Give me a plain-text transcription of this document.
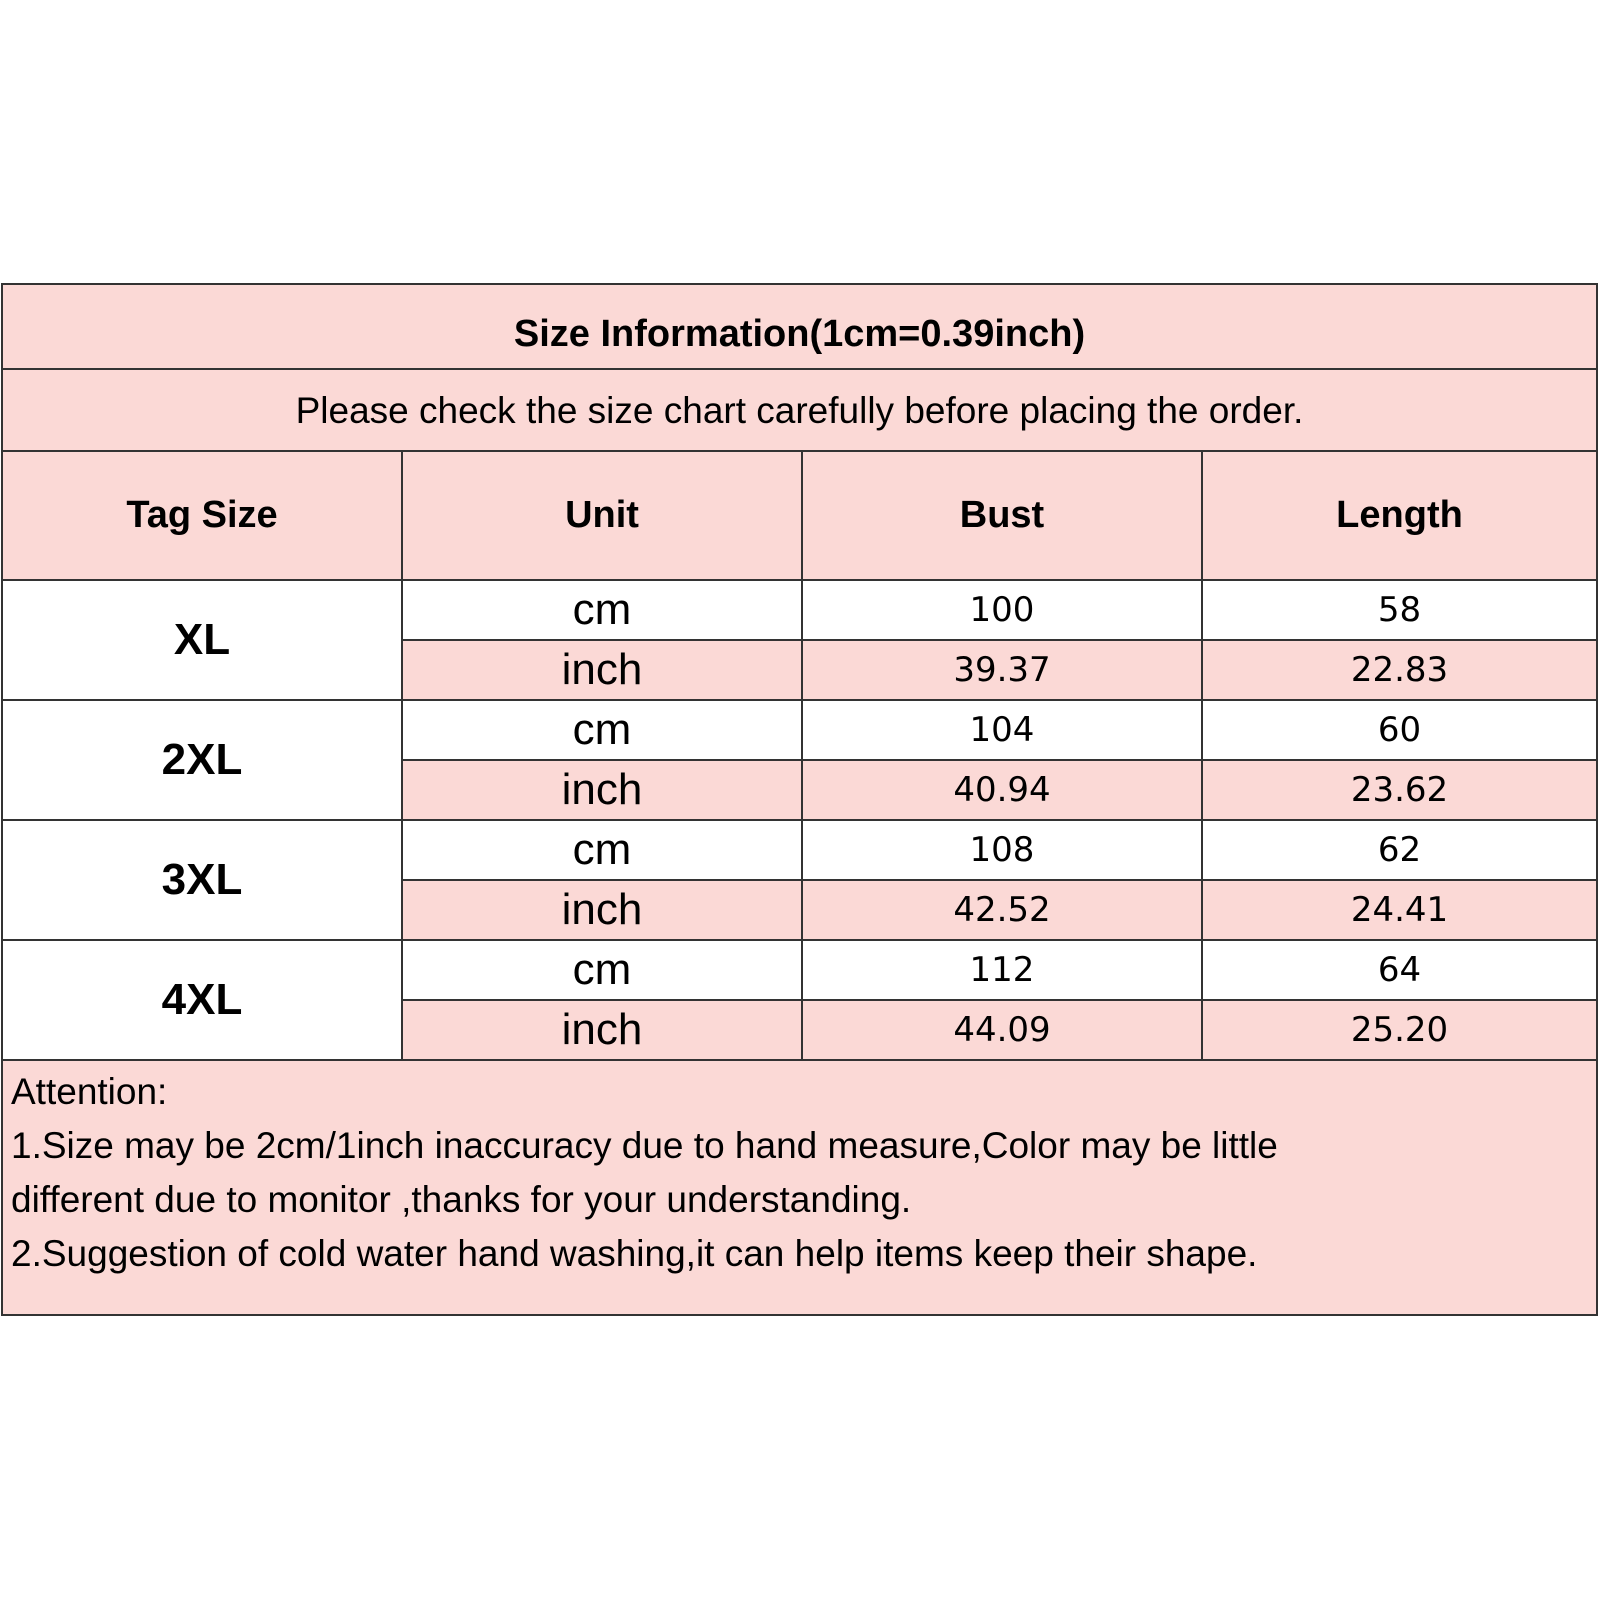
Size Information(1cm=0.39inch)
Please check the size chart carefully before placing the order.
Tag Size	Unit	Bust	Length
XL	cm	100	58
	inch	39.37	22.83
2XL	cm	104	60
	inch	40.94	23.62
3XL	cm	108	62
	inch	42.52	24.41
4XL	cm	112	64
	inch	44.09	25.20
Attention:
1.Size may be 2cm/1inch inaccuracy due to hand measure,Color may be little
different due to monitor ,thanks for your understanding.
2.Suggestion of cold water hand washing,it can help items keep their shape.
